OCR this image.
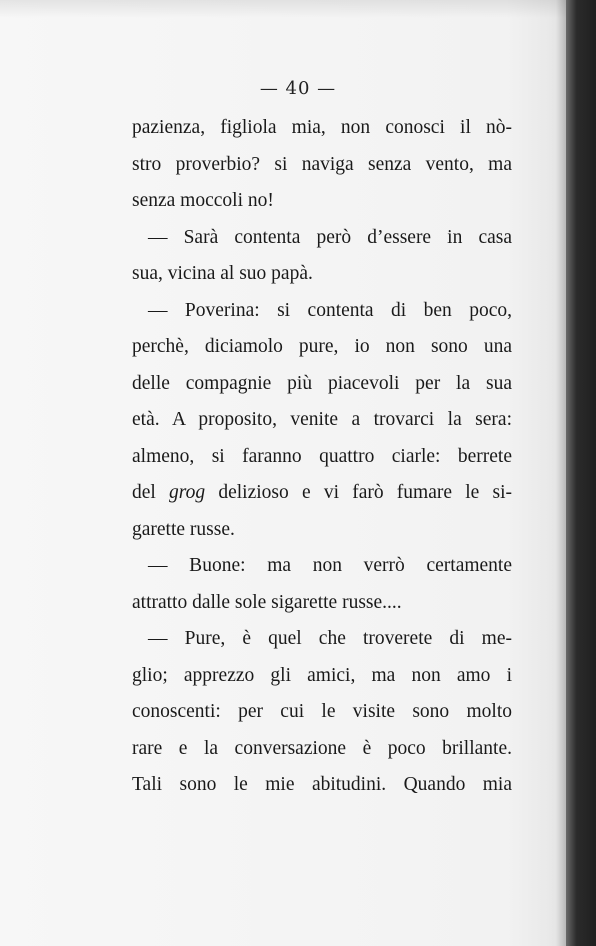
— 40 —
pazienza, figliola mia, non conosci il nò-
stro proverbio? si naviga senza vento, ma
senza moccoli no!
— Sarà contenta però d’essere in casa
sua, vicina al suo papà.
— Poverina: si contenta di ben poco,
perchè, diciamolo pure, io non sono una
delle compagnie più piacevoli per la sua
età. A proposito, venite a trovarci la sera:
almeno, si faranno quattro ciarle: berrete
del grog delizioso e vi farò fumare le si-
garette russe.
— Buone: ma non verrò certamente
attratto dalle sole sigarette russe....
— Pure, è quel che troverete di me-
glio; apprezzo gli amici, ma non amo i
conoscenti: per cui le visite sono molto
rare e la conversazione è poco brillante.
Tali sono le mie abitudini. Quando mia
